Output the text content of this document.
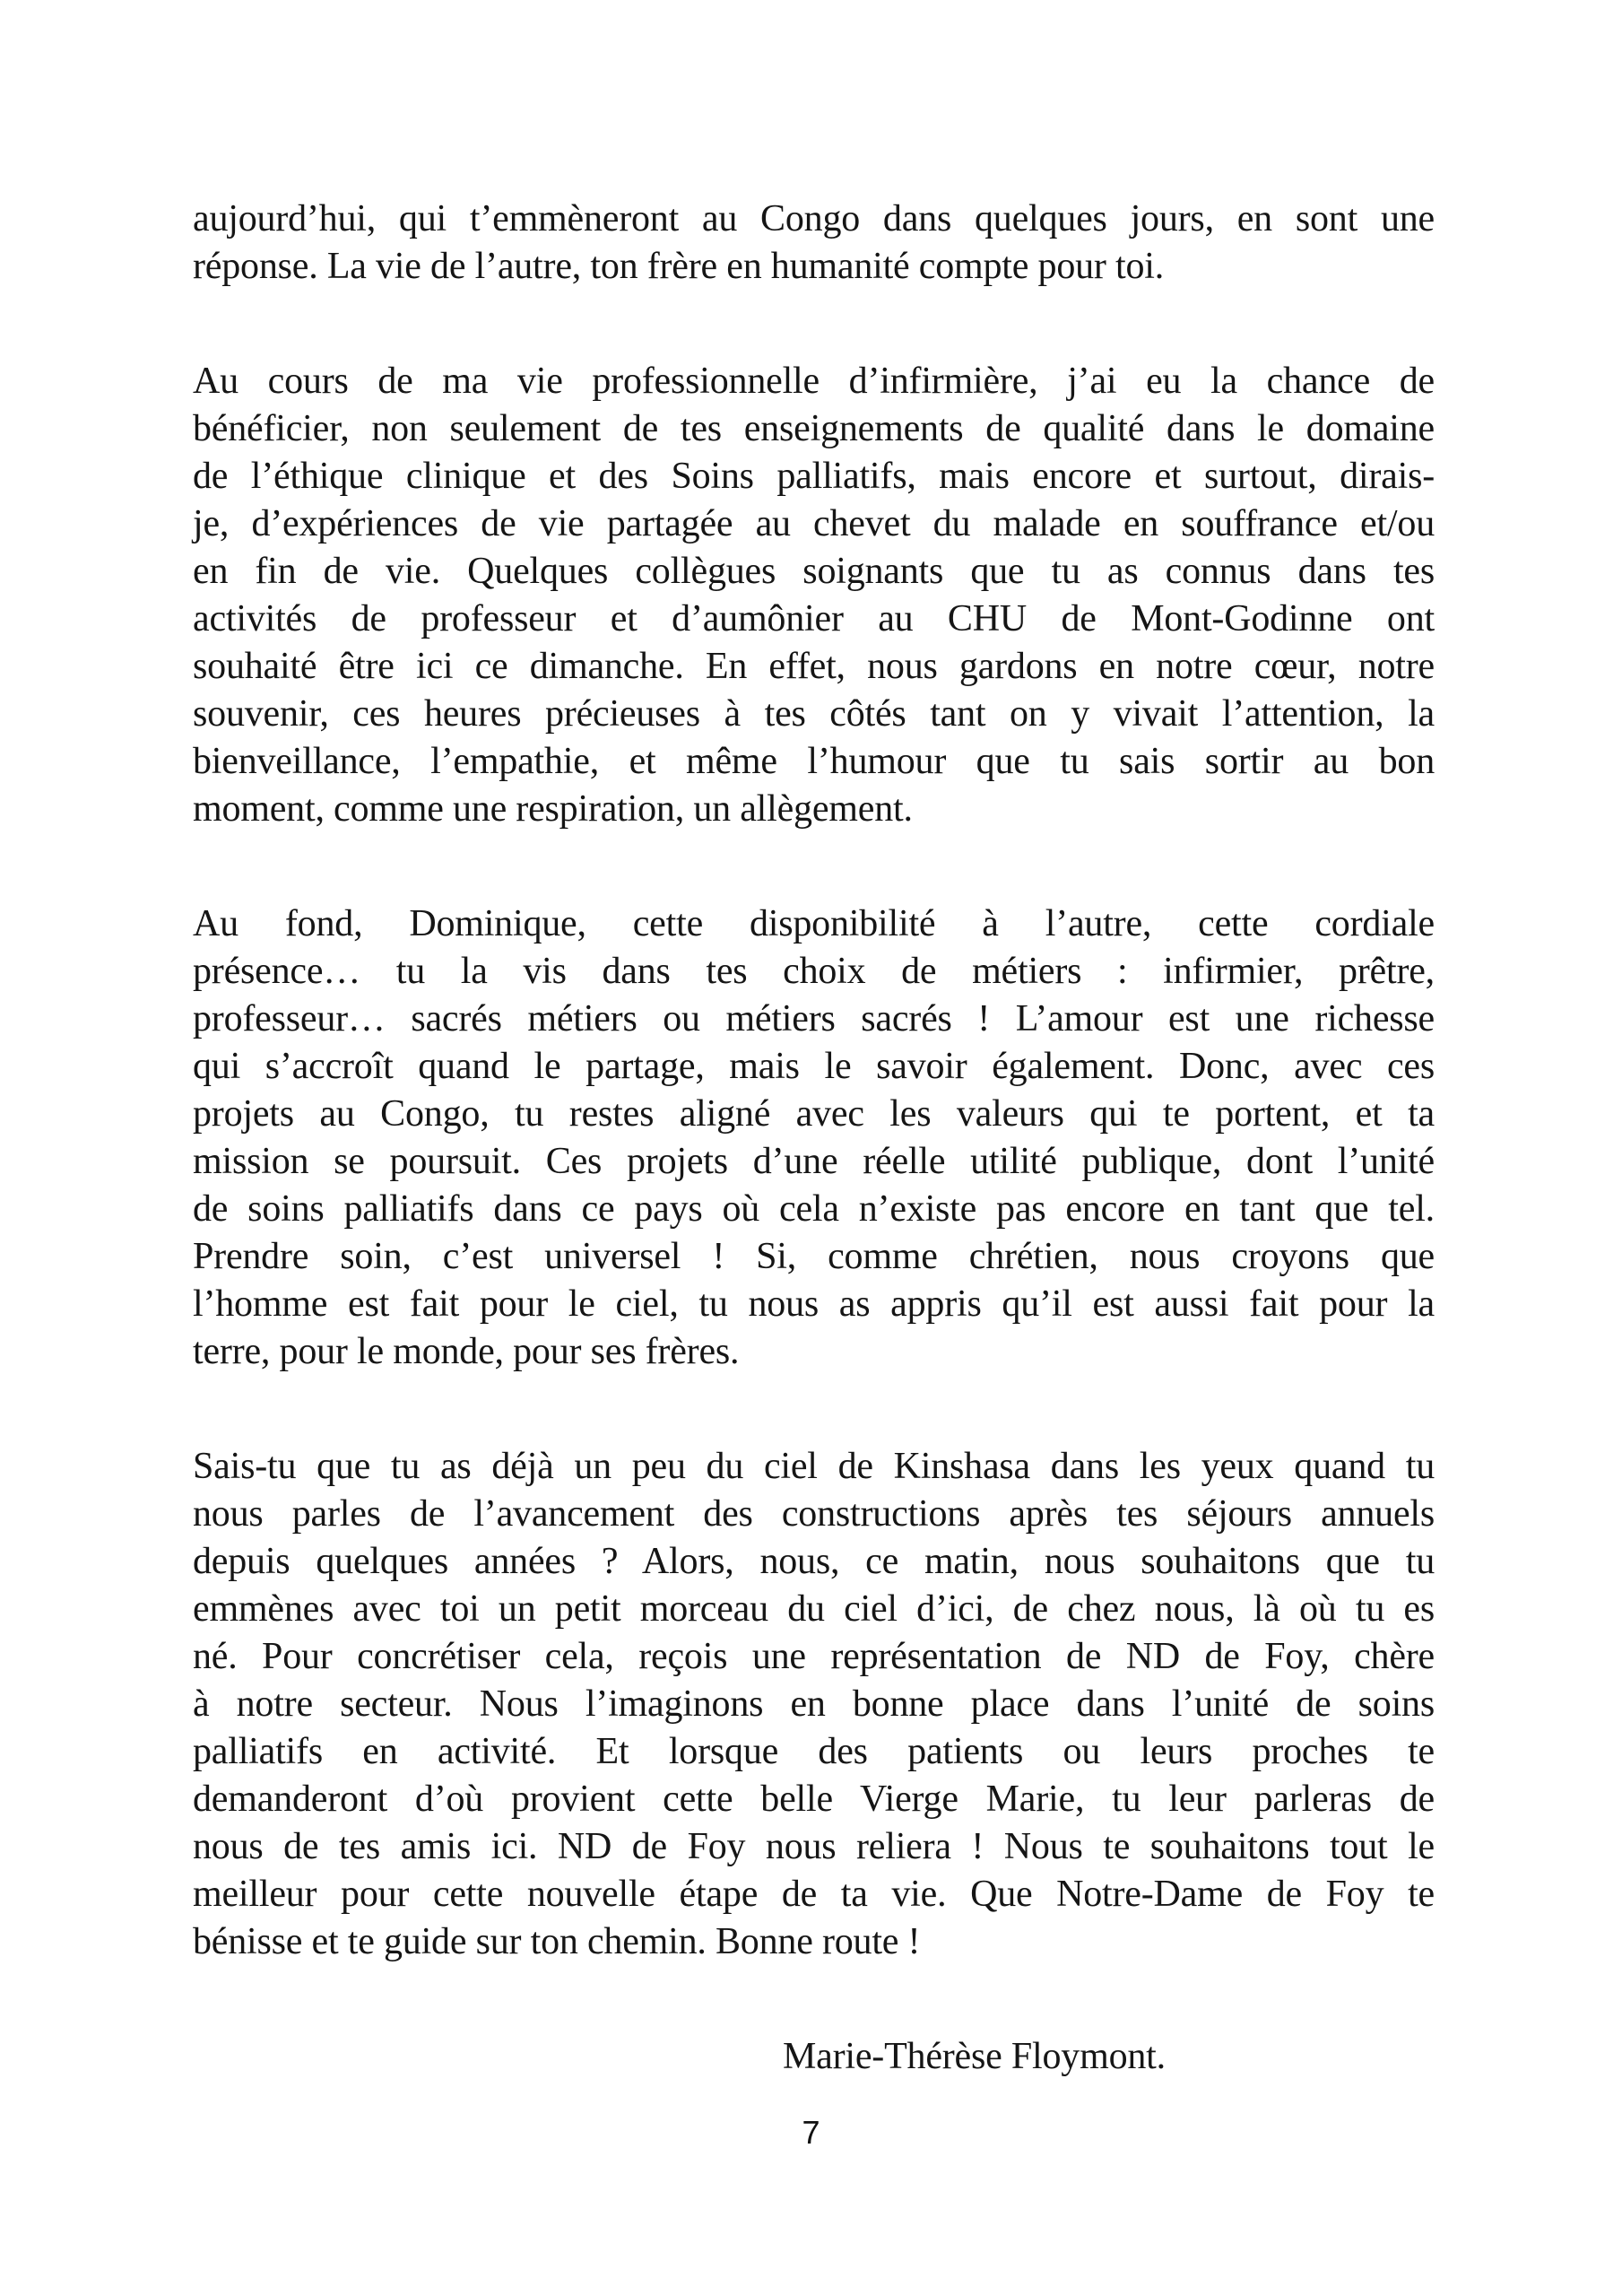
aujourd’hui, qui t’emmèneront au Congo dans quelques jours, en sont une
réponse. La vie de l’autre, ton frère en humanité compte pour toi.
Au cours de ma vie professionnelle d’infirmière, j’ai eu la chance de
bénéficier, non seulement de tes enseignements de qualité dans le domaine
de l’éthique clinique et des Soins palliatifs, mais encore et surtout, dirais-
je, d’expériences de vie partagée au chevet du malade en souffrance et/ou
en fin de vie. Quelques collègues soignants que tu as connus dans tes
activités de professeur et d’aumônier au CHU de Mont-Godinne ont
souhaité être ici ce dimanche. En effet, nous gardons en notre cœur, notre
souvenir, ces heures précieuses à tes côtés tant on y vivait l’attention, la
bienveillance, l’empathie, et même l’humour que tu sais sortir au bon
moment, comme une respiration, un allègement.
Au fond, Dominique, cette disponibilité à l’autre, cette cordiale
présence… tu la vis dans tes choix de métiers : infirmier, prêtre,
professeur… sacrés métiers ou métiers sacrés ! L’amour est une richesse
qui s’accroît quand le partage, mais le savoir également. Donc, avec ces
projets au Congo, tu restes aligné avec les valeurs qui te portent, et ta
mission se poursuit. Ces projets d’une réelle utilité publique, dont l’unité
de soins palliatifs dans ce pays où cela n’existe pas encore en tant que tel.
Prendre soin, c’est universel ! Si, comme chrétien, nous croyons que
l’homme est fait pour le ciel, tu nous as appris qu’il est aussi fait pour la
terre, pour le monde, pour ses frères.
Sais-tu que tu as déjà un peu du ciel de Kinshasa dans les yeux quand tu
nous parles de l’avancement des constructions après tes séjours annuels
depuis quelques années ? Alors, nous, ce matin, nous souhaitons que tu
emmènes avec toi un petit morceau du ciel d’ici, de chez nous, là où tu es
né. Pour concrétiser cela, reçois une représentation de ND de Foy, chère
à notre secteur. Nous l’imaginons en bonne place dans l’unité de soins
palliatifs en activité. Et lorsque des patients ou leurs proches te
demanderont d’où provient cette belle Vierge Marie, tu leur parleras de
nous de tes amis ici. ND de Foy nous reliera ! Nous te souhaitons tout le
meilleur pour cette nouvelle étape de ta vie. Que Notre-Dame de Foy te
bénisse et te guide sur ton chemin. Bonne route !
Marie-Thérèse Floymont.
7
